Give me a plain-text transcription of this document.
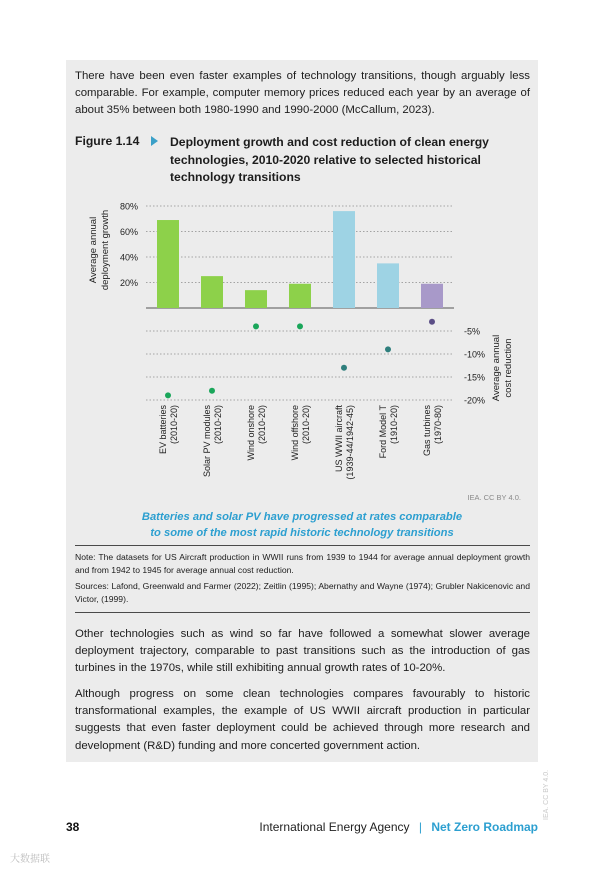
There have been even faster examples of technology transitions, though arguably less comparable. For example, computer memory prices reduced each year by an average of about 35% between both 1980-1990 and 1990-2000 (McCallum, 2023).

Figure 1.14	Deployment growth and cost reduction of clean energy technologies, 2010-2020 relative to selected historical technology transitions
80%
60%
40%
20%
-5%
-10%
-15%
-20%
EV batteries(2010-20)	Solar PV modules(2010-20)	Wind onshore(2010-20)	Wind offshore(2010-20)	US WWII aircraft(1939-44/1942-45)	Ford Model T(1910-20)	Gas turbines(1970-80)
Average annual deployment growth
Average annual cost reduction
IEA. CC BY 4.0.
Batteries and solar PV have progressed at rates comparable
to some of the most rapid historic technology transitions

Note: The datasets for US Aircraft production in WWII runs from 1939 to 1944 for average annual deployment growth and from 1942 to 1945 for average annual cost reduction.

Sources: Lafond, Greenwald and Farmer (2022); Zeitlin (1995); Abernathy and Wayne (1974); Grubler Nakicenovic and Victor, (1999).

Other technologies such as wind so far have followed a somewhat slower average deployment trajectory, comparable to past transitions such as the introduction of gas turbines in the 1970s, while still exhibiting annual growth rates of 10-20%.

Although progress on some clean technologies compares favourably to historic transformational examples, the example of US WWII aircraft production in particular suggests that even faster deployment could be achieved through more research and development (R&D) funding and more concerted government action.

38	International Energy Agency | Net Zero Roadmap
IEA. CC BY 4.0.
大数据联
